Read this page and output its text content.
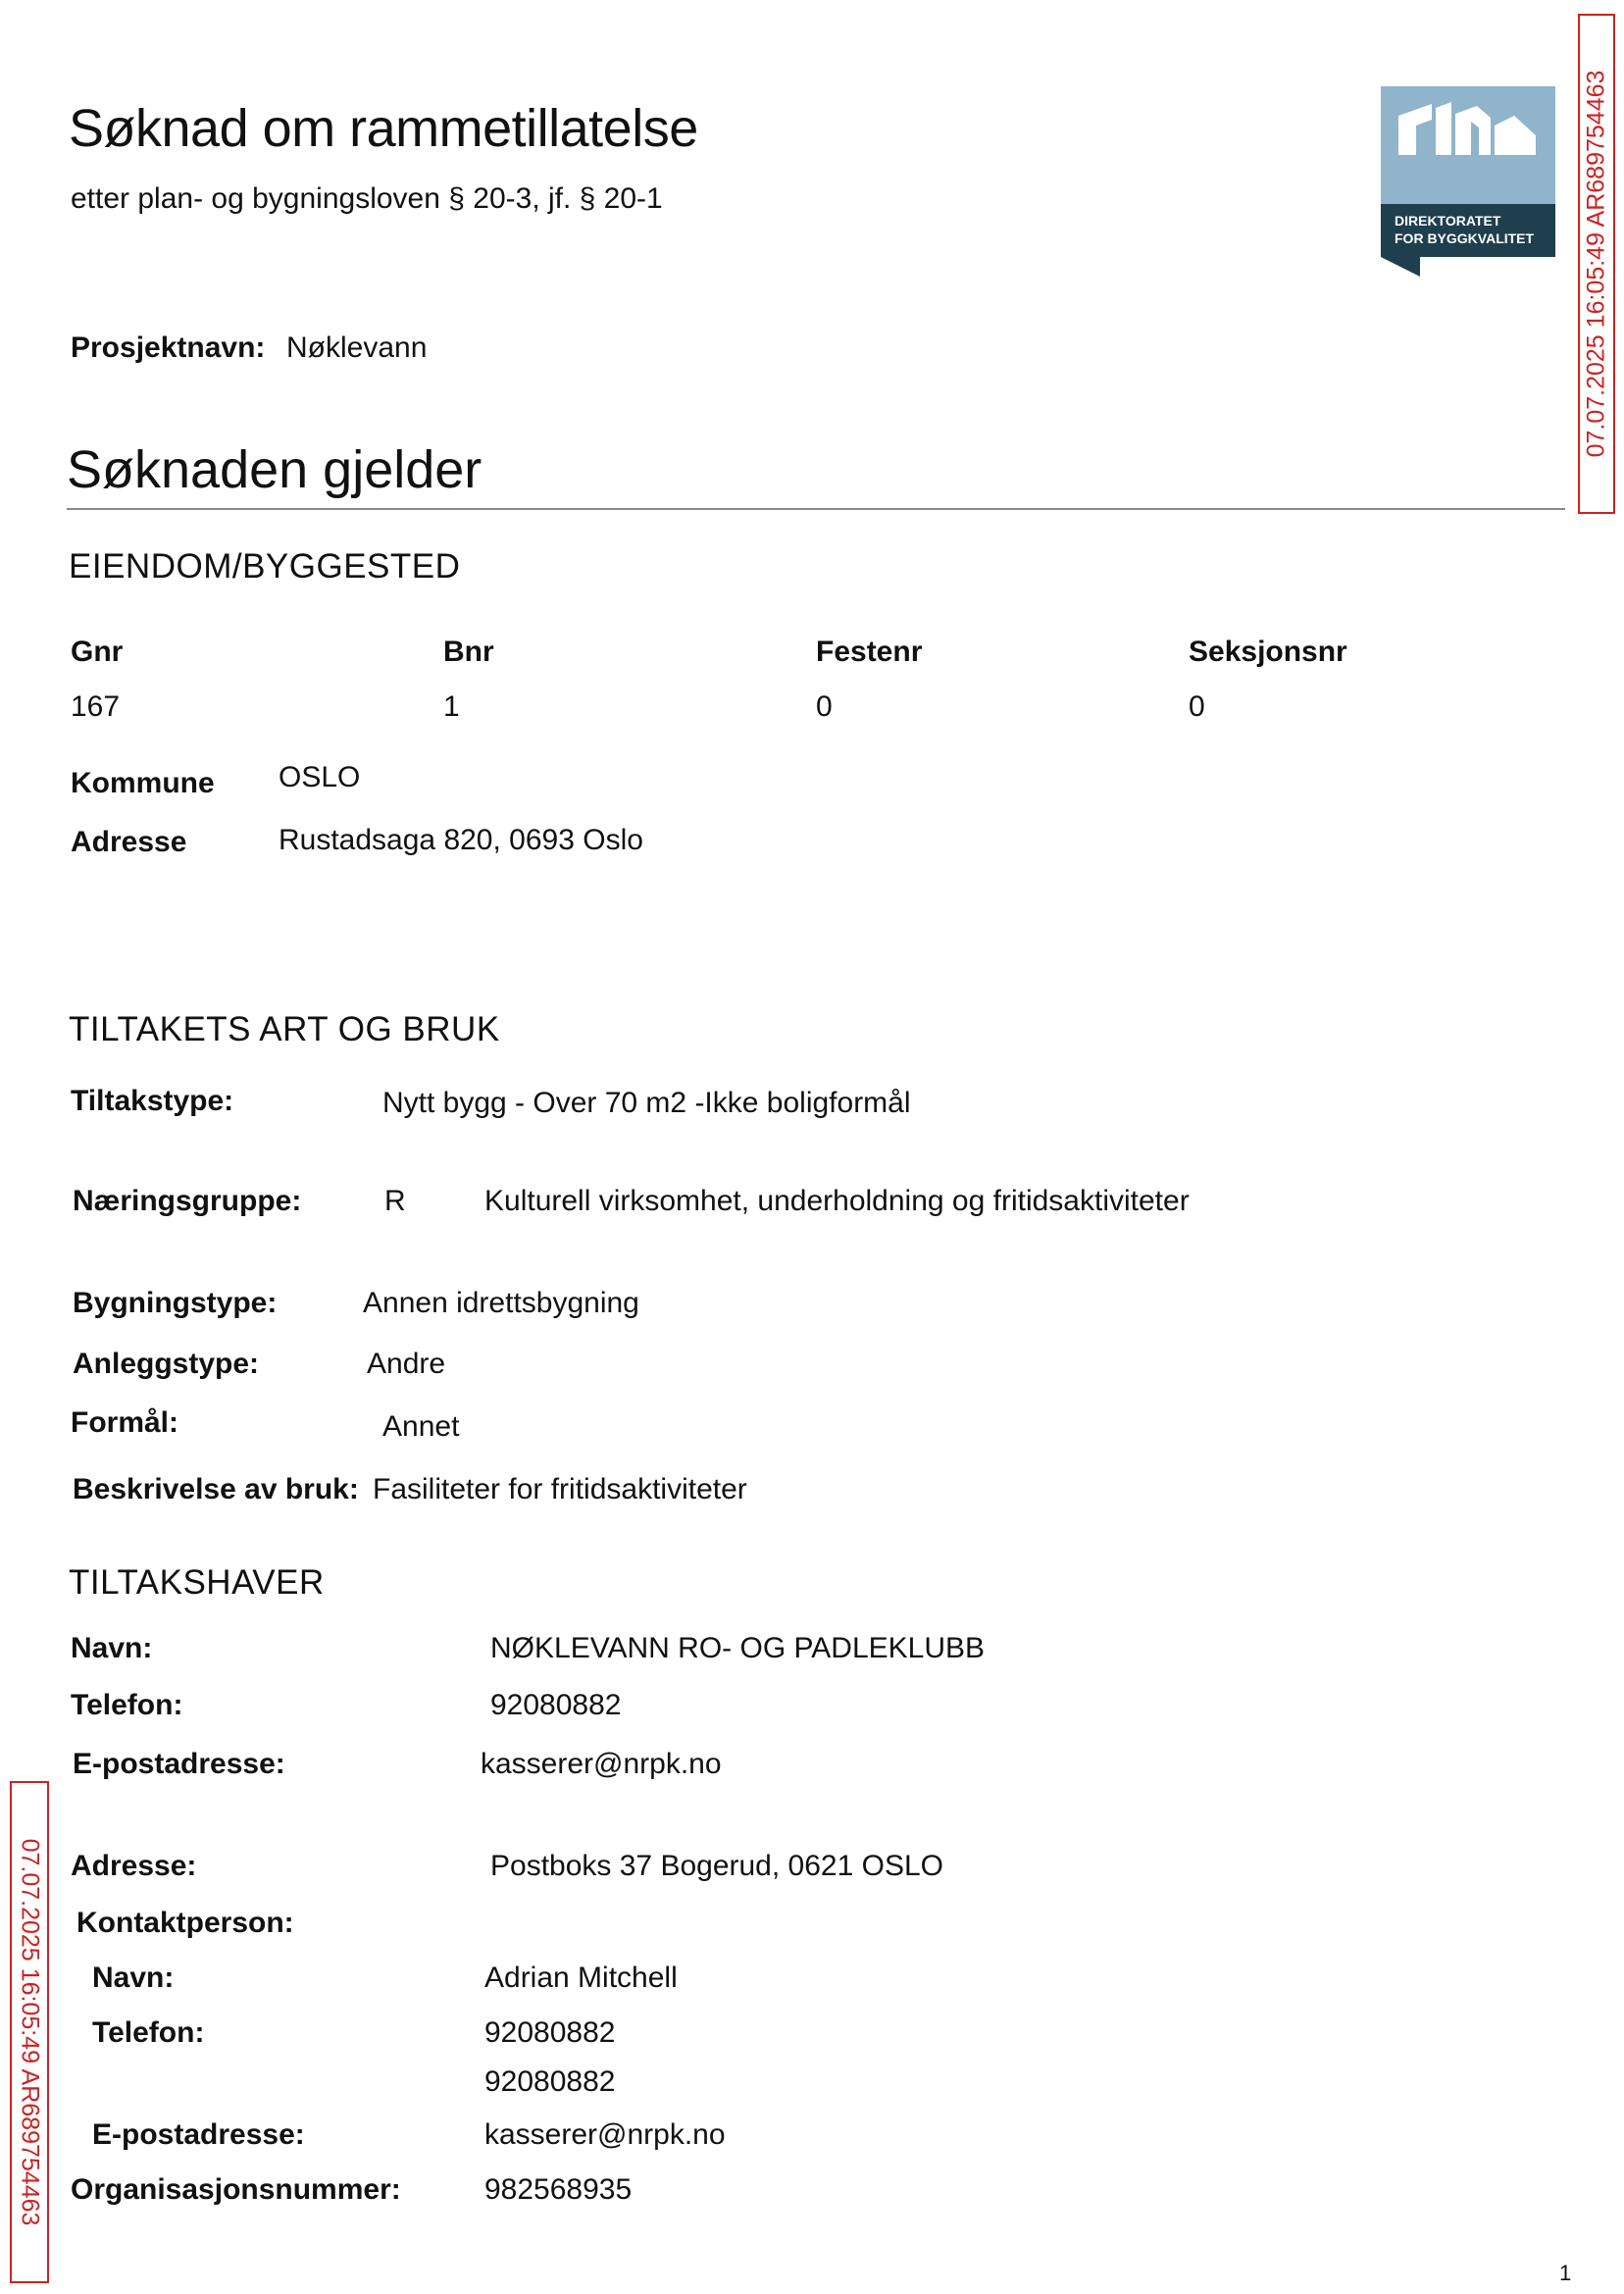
Søknad om rammetillatelse
etter plan- og bygningsloven § 20-3, jf. § 20-1
DIREKTORATET
FOR BYGGKVALITET 07.07.2025 16:05:49 AR689754463
Prosjektnavn: Nøklevann
Søknaden gjelder
EIENDOM/BYGGESTED
Gnr	Bnr	Festenr	Seksjonsnr
167	1	0	0
Kommune OSLO
Adresse	Rustadsaga 820, 0693 Oslo
TILTAKETS ART OG BRUK
Tiltakstype:	Nytt bygg - Over 70 m2 -Ikke boligformål
Næringsgruppe:	R	Kulturell virksomhet, underholdning og fritidsaktiviteter
Bygningstype:	Annen idrettsbygning
Anleggstype:	Andre
Formål:	Annet
Beskrivelse av bruk: Fasiliteter for fritidsaktiviteter
TILTAKSHAVER
Navn:	NØKLEVANN RO- OG PADLEKLUBB
Telefon:	92080882
E-postadresse:	kasserer@nrpk.no
07.07.2025 16:05:49 AR689754463 Adresse:	Postboks 37 Bogerud, 0621 OSLO
Kontaktperson:
Navn:	Adrian Mitchell
Telefon:	92080882
92080882
E-postadresse:	kasserer@nrpk.no
Organisasjonsnummer:	982568935
1
